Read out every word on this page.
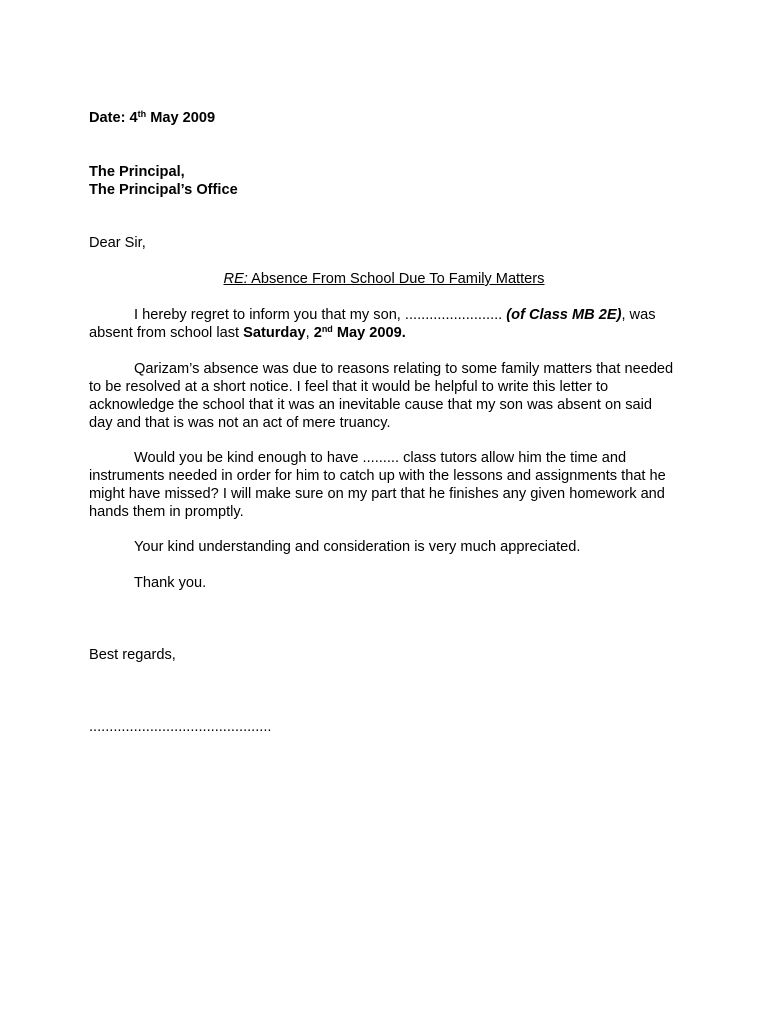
Date: 4th May 2009
The Principal,
The Principal’s Office
Dear Sir,
RE: Absence From School Due To Family Matters

I hereby regret to inform you that my son, ........................ (of Class MB 2E), was absent from school last Saturday, 2nd May 2009.

Qarizam’s absence was due to reasons relating to some family matters that needed to be resolved at a short notice. I feel that it would be helpful to write this letter to acknowledge the school that it was an inevitable cause that my son was absent on said day and that is was not an act of mere truancy.

Would you be kind enough to have ......... class tutors allow him the time and instruments needed in order for him to catch up with the lessons and assignments that he might have missed? I will make sure on my part that he finishes any given homework and hands them in promptly.

Your kind understanding and consideration is very much appreciated.

Thank you.

Best regards,
.............................................
